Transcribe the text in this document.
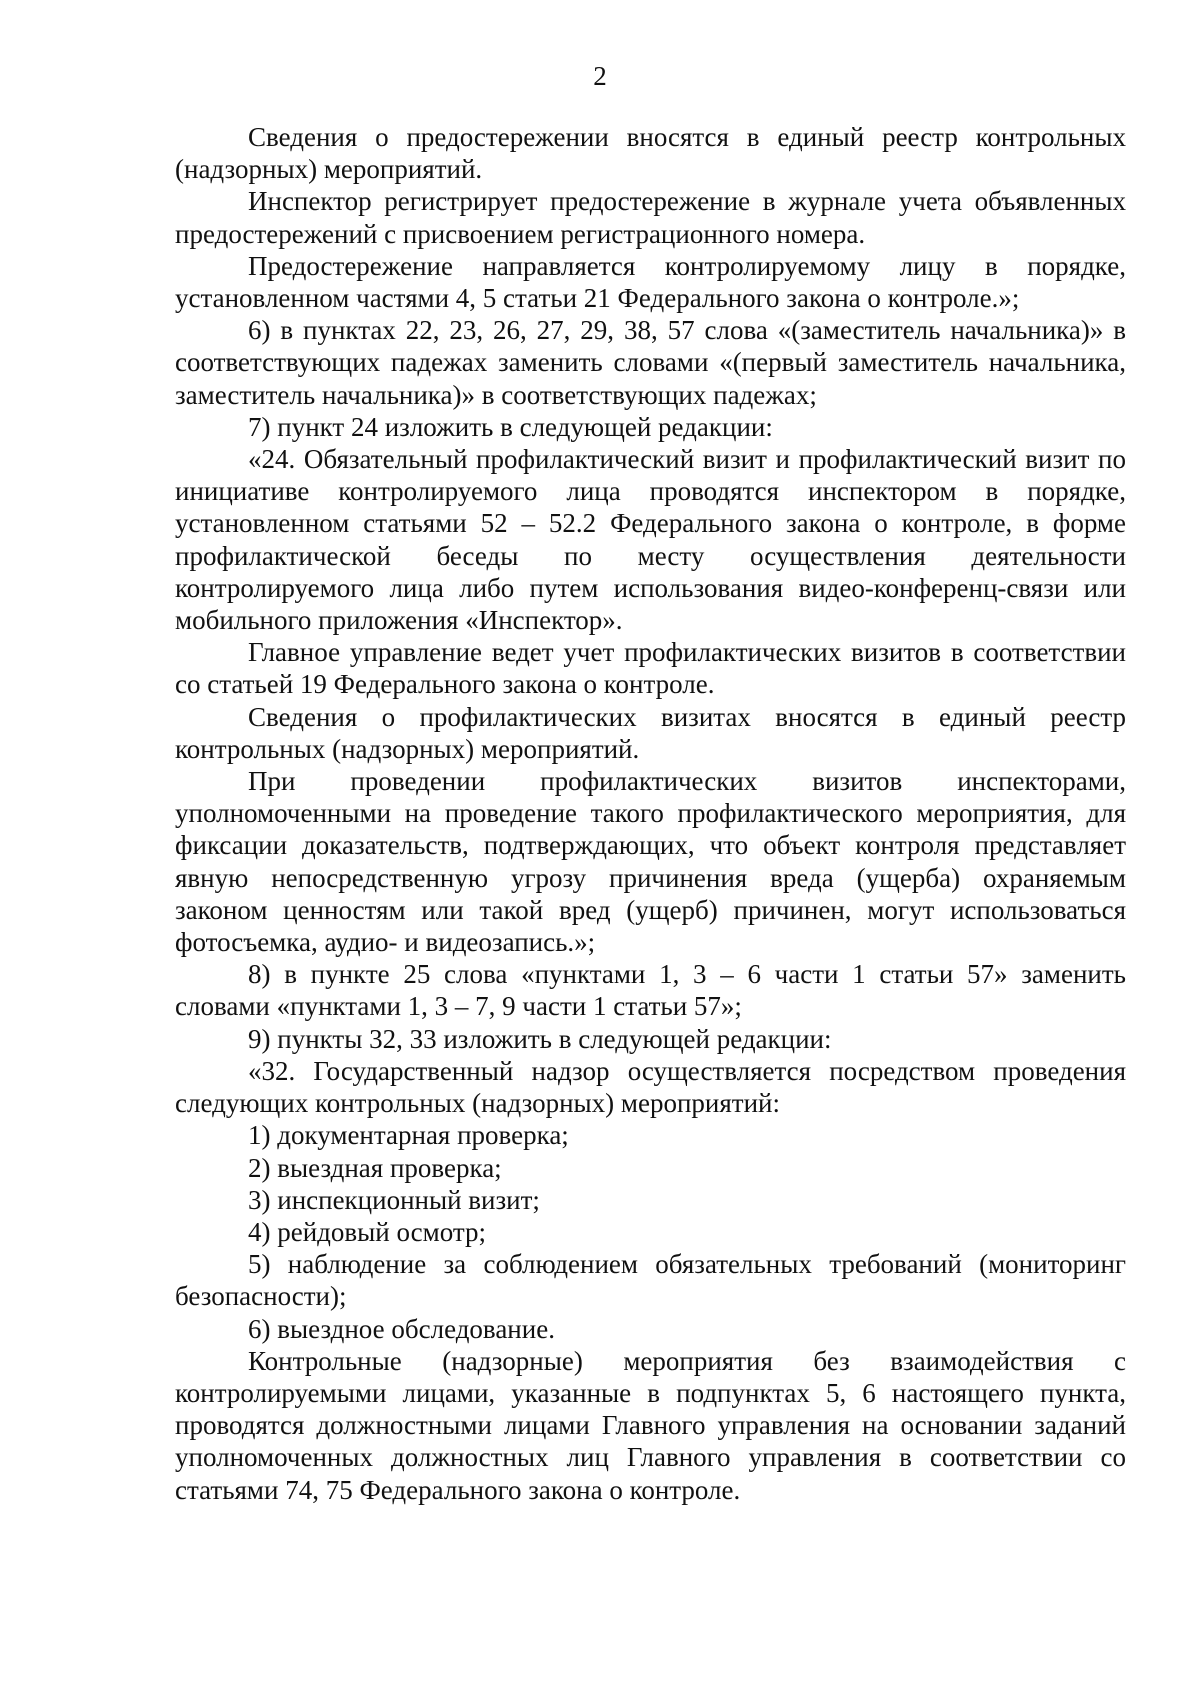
2

Сведения о предостережении вносятся в единый реестр контрольных (надзорных) мероприятий.

Инспектор регистрирует предостережение в журнале учета объявленных предостережений с присвоением регистрационного номера.

Предостережение направляется контролируемому лицу в порядке, установленном частями 4, 5 статьи 21 Федерального закона о контроле.»;

6) в пунктах 22, 23, 26, 27, 29, 38, 57 слова «(заместитель начальника)» в соответствующих падежах заменить словами «(первый заместитель начальника, заместитель начальника)» в соответствующих падежах;

7) пункт 24 изложить в следующей редакции:

«24. Обязательный профилактический визит и профилактический визит по инициативе контролируемого лица проводятся инспектором в порядке, установленном статьями 52 – 52.2 Федерального закона о контроле, в форме профилактической беседы по месту осуществления деятельности контролируемого лица либо путем использования видео-конференц-связи или мобильного приложения «Инспектор».

Главное управление ведет учет профилактических визитов в соответствии со статьей 19 Федерального закона о контроле.

Сведения о профилактических визитах вносятся в единый реестр контрольных (надзорных) мероприятий.

При проведении профилактических визитов инспекторами, уполномоченными на проведение такого профилактического мероприятия, для фиксации доказательств, подтверждающих, что объект контроля представляет явную непосредственную угрозу причинения вреда (ущерба) охраняемым законом ценностям или такой вред (ущерб) причинен, могут использоваться фотосъемка, аудио- и видеозапись.»;

8) в пункте 25 слова «пунктами 1, 3 – 6 части 1 статьи 57» заменить словами «пунктами 1, 3 – 7, 9 части 1 статьи 57»;

9) пункты 32, 33 изложить в следующей редакции:

«32. Государственный надзор осуществляется посредством проведения следующих контрольных (надзорных) мероприятий:

1) документарная проверка;

2) выездная проверка;

3) инспекционный визит;

4) рейдовый осмотр;

5) наблюдение за соблюдением обязательных требований (мониторинг безопасности);

6) выездное обследование.

Контрольные (надзорные) мероприятия без взаимодействия с контролируемыми лицами, указанные в подпунктах 5, 6 настоящего пункта, проводятся должностными лицами Главного управления на основании заданий уполномоченных должностных лиц Главного управления в соответствии со статьями 74, 75 Федерального закона о контроле.
